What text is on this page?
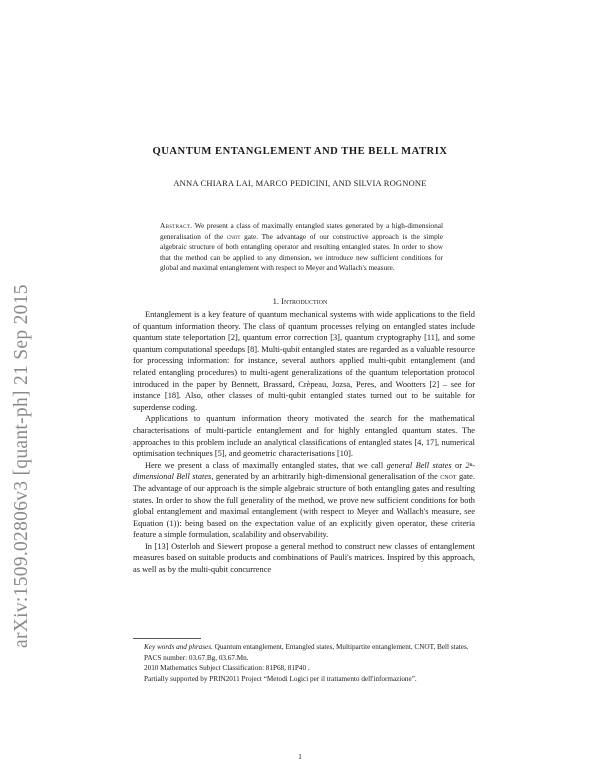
arXiv:1509.02806v3 [quant-ph] 21 Sep 2015
QUANTUM ENTANGLEMENT AND THE BELL MATRIX
ANNA CHIARA LAI, MARCO PEDICINI, AND SILVIA ROGNONE
Abstract. We present a class of maximally entangled states generated by a high-dimensional generalisation of the cnot gate. The advantage of our constructive approach is the simple algebraic structure of both entangling operator and resulting entangled states. In order to show that the method can be applied to any dimension, we introduce new sufficient conditions for global and maximal entanglement with respect to Meyer and Wallach's measure.
1. Introduction

Entanglement is a key feature of quantum mechanical systems with wide applications to the field of quantum information theory. The class of quantum processes relying on entangled states include quantum state teleportation [2], quantum error correction [3], quantum cryptography [11], and some quantum computational speedups [8]. Multi-qubit entangled states are regarded as a valuable resource for processing information: for instance, several authors applied multi-qubit entanglement (and related entangling procedures) to multi-agent generalizations of the quantum teleportation protocol introduced in the paper by Bennett, Brassard, Crèpeau, Jozsa, Peres, and Wootters [2] – see for instance [18]. Also, other classes of multi-qubit entangled states turned out to be suitable for superdense coding.

Applications to quantum information theory motivated the search for the mathematical characterisations of multi-particle entanglement and for highly entangled quantum states. The approaches to this problem include an analytical classifications of entangled states [4, 17], numerical optimisation techniques [5], and geometric characterisations [10].

Here we present a class of maximally entangled states, that we call general Bell states or 2ⁿ-dimensional Bell states, generated by an arbitrarily high-dimensional generalisation of the cnot gate. The advantage of our approach is the simple algebraic structure of both entangling gates and resulting states. In order to show the full generality of the method, we prove new sufficient conditions for both global entanglement and maximal entanglement (with respect to Meyer and Wallach's measure, see Equation (1)): being based on the expectation value of an explicitly given operator, these criteria feature a simple formulation, scalability and observability.

In [13] Osterloh and Siewert propose a general method to construct new classes of entanglement measures based on suitable products and combinations of Pauli's matrices. Inspired by this approach, as well as by the multi-qubit concurrence

Key words and phrases. Quantum entanglement, Entangled states, Multipartite entanglement, CNOT, Bell states.

PACS number: 03.67.Bg, 03.67.Mn.

2010 Mathematics Subject Classification: 81P68, 81P40 .

Partially supported by PRIN2011 Project “Metodi Logici per il trattamento dell'informazione”.

1
